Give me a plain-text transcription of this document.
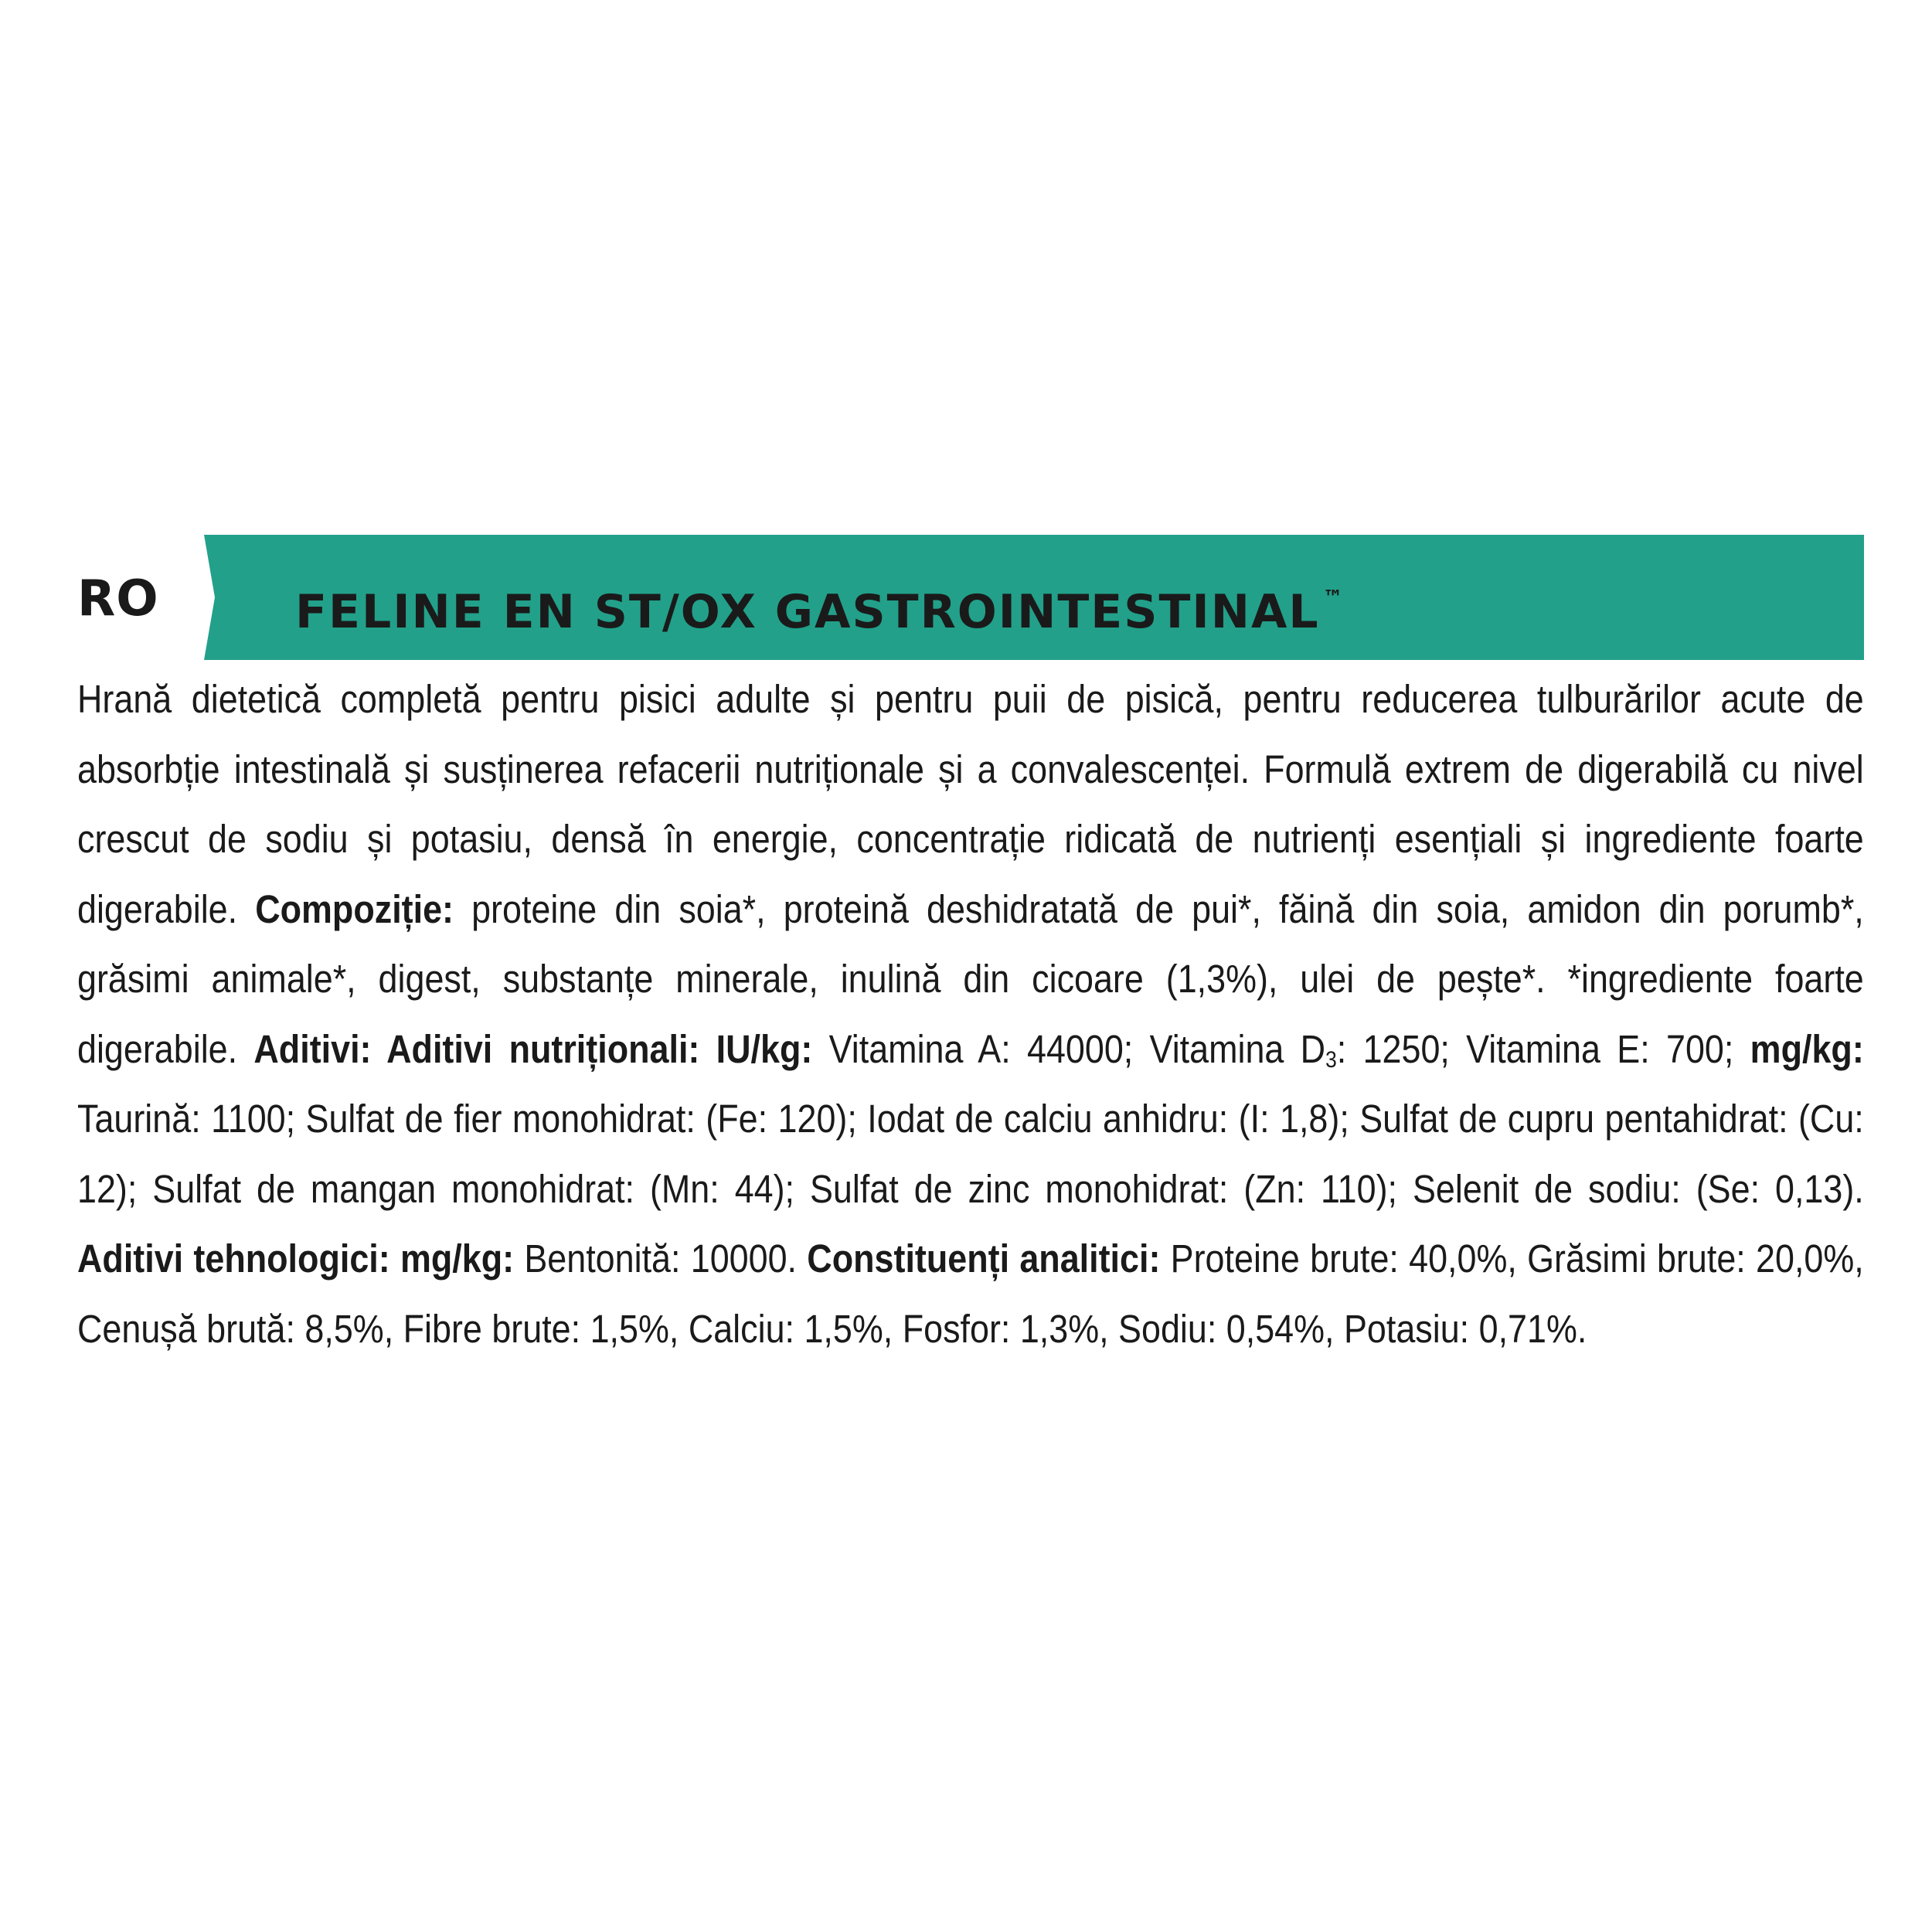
RO	FELINE EN ST/OX GASTROINTESTINAL ™
Hrană dietetică completă pentru pisici adulte și pentru puii de pisică, pentru reducerea tulburărilor acute de absorbție intestinală și susținerea refacerii nutriționale și a convalescenței. Formulă extrem de digerabilă cu nivel crescut de sodiu și potasiu, densă în energie, concentrație ridicată de nutrienți esențiali și ingrediente foarte digerabile. Compoziție: proteine din soia*, proteină deshidratată de pui*, făină din soia, amidon din porumb*, grăsimi animale*, digest, substanțe minerale, inulină din cicoare (1,3%), ulei de pește*. *ingrediente foarte digerabile. Aditivi: Aditivi nutriționali: IU/kg: Vitamina A: 44000; Vitamina $D_3$: 1250; Vitamina E: 700; mg/kg: Taurină: 1100; Sulfat de fier monohidrat: (Fe: 120); Iodat de calciu anhidru: (I: 1,8); Sulfat de cupru pentahidrat: (Cu: 12); Sulfat de mangan monohidrat: (Mn: 44); Sulfat de zinc monohidrat: (Zn: 110); Selenit de sodiu: (Se: 0,13). Aditivi tehnologici: mg/kg: Bentonită: 10000. Constituenți analitici: Proteine brute: 40,0%, Grăsimi brute: 20,0%, Cenușă brută: 8,5%, Fibre brute: 1,5%, Calciu: 1,5%, Fosfor: 1,3%, Sodiu: 0,54%, Potasiu: 0,71%.
